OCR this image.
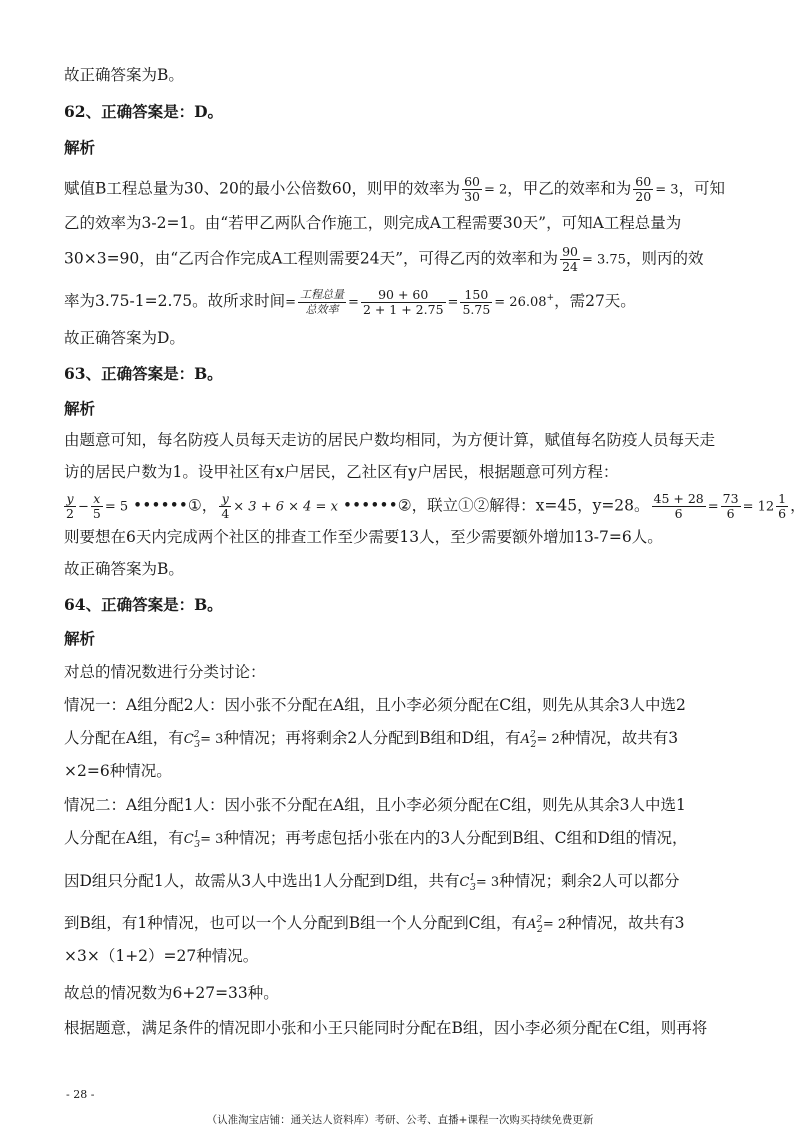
故正确答案为B。
62、正确答案是：D。
解析
赋值B工程总量为30、20的最小公倍数60，则甲的效率为 $\frac{60}{30} = 2$，甲乙的效率和为 $\frac{60}{20} = 3$，可知
乙的效率为3-2=1。由“若甲乙两队合作施工，则完成A工程需要30天”，可知A工程总量为
30×3=90，由“乙丙合作完成A工程则需要24天”，可得乙丙的效率和为 $\frac{90}{24} = 3.75$，则丙的效
率为3.75-1=2.75。故所求时间= $\frac{\text{工程总量}}{\text{总效率}} = \frac{90 + 60}{2 + 1 + 2.75} = \frac{150}{5.75} = 26.08^+$，需27天。
故正确答案为D。
63、正确答案是：B。
解析
由题意可知，每名防疫人员每天走访的居民户数均相同，为方便计算，赋值每名防疫人员每天走
访的居民户数为1。设甲社区有x户居民，乙社区有y户居民，根据题意可列方程：
$\frac{y}{2} - \frac{x}{5} = 5$ ••••••①， $\frac{y}{4} \times 3 + 6 \times 4 = x$ ••••••②，联立①②解得：x=45，y=28。 $\frac{45 + 28}{6} = \frac{73}{6} = 12 \frac{1}{6}$ ，
则要想在6天内完成两个社区的排查工作至少需要13人，至少需要额外增加13-7=6人。
故正确答案为B。
64、正确答案是：B。
解析
对总的情况数进行分类讨论：
情况一：A组分配2人：因小张不分配在A组，且小李必须分配在C组，则先从其余3人中选2
人分配在A组，有$C^2_3= 3$种情况；再将剩余2人分配到B组和D组，有$A^2_2= 2$种情况，故共有3
×2=6种情况。
情况二：A组分配1人：因小张不分配在A组，且小李必须分配在C组，则先从其余3人中选1
人分配在A组，有$C^1_3= 3$种情况；再考虑包括小张在内的3人分配到B组、C组和D组的情况，
因D组只分配1人，故需从3人中选出1人分配到D组，共有$C^1_3= 3$种情况；剩余2人可以都分
到B组，有1种情况，也可以一个人分配到B组一个人分配到C组，有$A^2_2= 2$种情况，故共有3
×3×（1+2）=27种情况。
故总的情况数为6+27=33种。
根据题意，满足条件的情况即小张和小王只能同时分配在B组，因小李必须分配在C组，则再将
- 28 -
（认准淘宝店铺：通关达人资料库）考研、公考、直播+课程一次购买持续免费更新
